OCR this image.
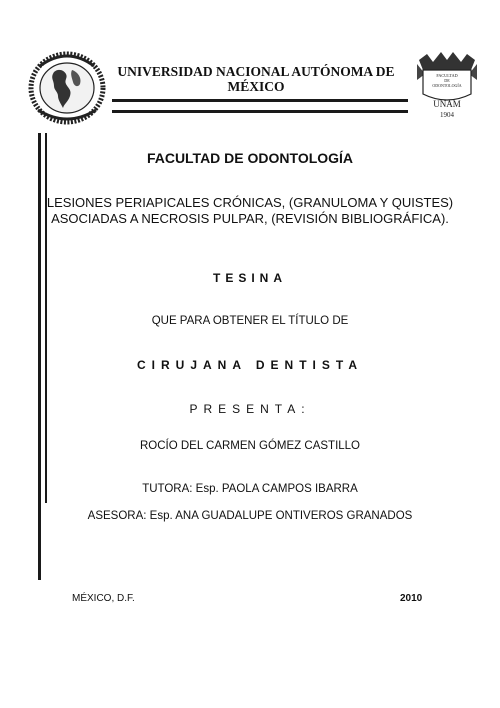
UNIVERSIDAD NACIONAL AUTÓNOMA DE MÉXICO
FACULTAD
DE
ODONTOLOGÍA
UNAM
1904
FACULTAD DE ODONTOLOGÍA
LESIONES PERIAPICALES CRÓNICAS, (GRANULOMA Y QUISTES) ASOCIADAS A NECROSIS PULPAR, (REVISIÓN BIBLIOGRÁFICA).
TESINA
QUE PARA OBTENER EL TÍTULO DE
CIRUJANA DENTISTA
PRESENTA:
ROCÍO DEL CARMEN GÓMEZ CASTILLO
TUTORA: Esp. PAOLA CAMPOS IBARRA
ASESORA: Esp. ANA GUADALUPE ONTIVEROS GRANADOS
MÉXICO, D.F.	2010
